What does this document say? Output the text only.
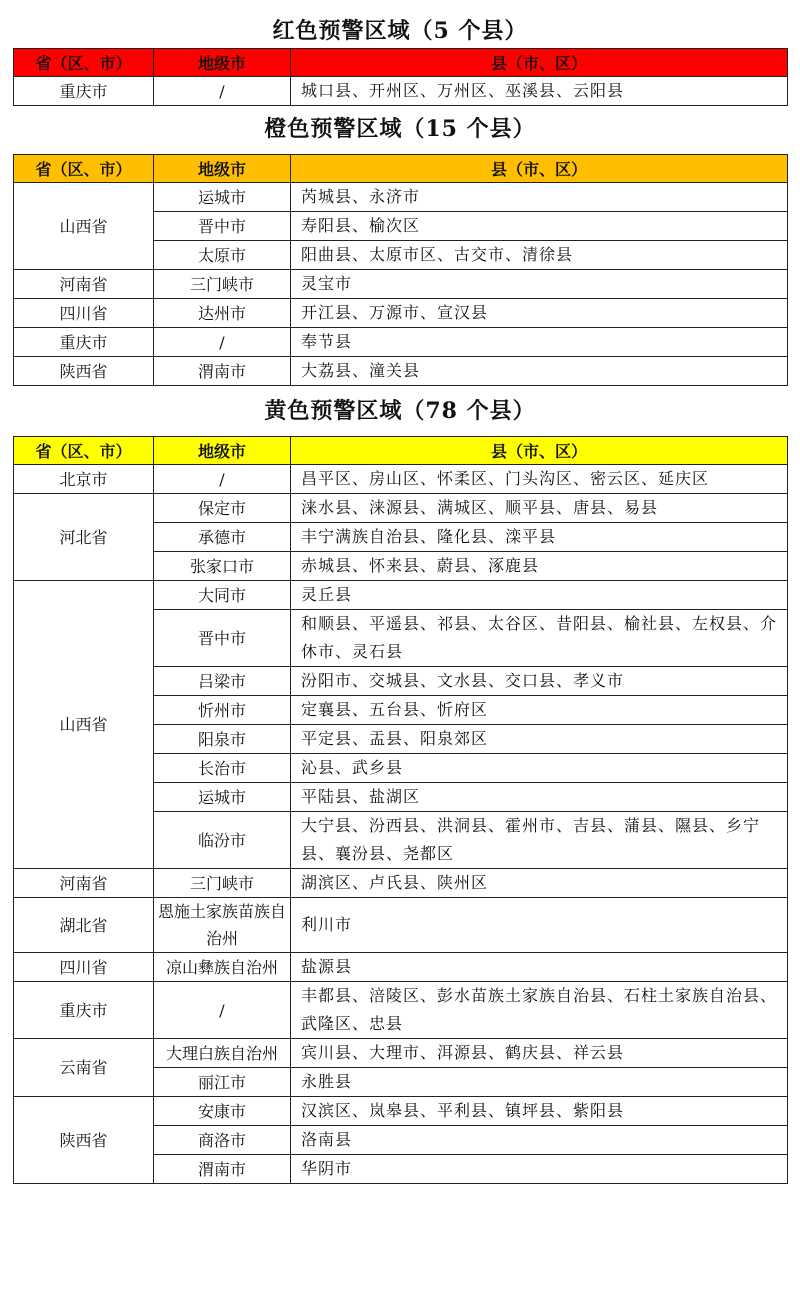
红色预警区域（5 个县）
省（区、市）	地级市	县（市、区）
重庆市	/	城口县、开州区、万州区、巫溪县、云阳县
橙色预警区域（15 个县）
省（区、市）	地级市	县（市、区）
山西省	运城市	芮城县、永济市
	晋中市	寿阳县、榆次区
	太原市	阳曲县、太原市区、古交市、清徐县
河南省	三门峡市	灵宝市
四川省	达州市	开江县、万源市、宣汉县
重庆市	/	奉节县
陕西省	渭南市	大荔县、潼关县
黄色预警区域（78 个县）
省（区、市）	地级市	县（市、区）
北京市	/	昌平区、房山区、怀柔区、门头沟区、密云区、延庆区
河北省	保定市	涞水县、涞源县、满城区、顺平县、唐县、易县
	承德市	丰宁满族自治县、隆化县、滦平县
	张家口市	赤城县、怀来县、蔚县、涿鹿县
山西省	大同市	灵丘县
	晋中市	和顺县、平遥县、祁县、太谷区、昔阳县、榆社县、左权县、介休市、灵石县
	吕梁市	汾阳市、交城县、文水县、交口县、孝义市
	忻州市	定襄县、五台县、忻府区
	阳泉市	平定县、盂县、阳泉郊区
	长治市	沁县、武乡县
	运城市	平陆县、盐湖区
	临汾市	大宁县、汾西县、洪洞县、霍州市、吉县、蒲县、隰县、乡宁县、襄汾县、尧都区
河南省	三门峡市	湖滨区、卢氏县、陕州区
湖北省	恩施土家族苗族自治州	利川市
四川省	凉山彝族自治州	盐源县
重庆市	/	丰都县、涪陵区、彭水苗族土家族自治县、石柱土家族自治县、武隆区、忠县
云南省	大理白族自治州	宾川县、大理市、洱源县、鹤庆县、祥云县
	丽江市	永胜县
陕西省	安康市	汉滨区、岚皋县、平利县、镇坪县、紫阳县
	商洛市	洛南县
	渭南市	华阴市
